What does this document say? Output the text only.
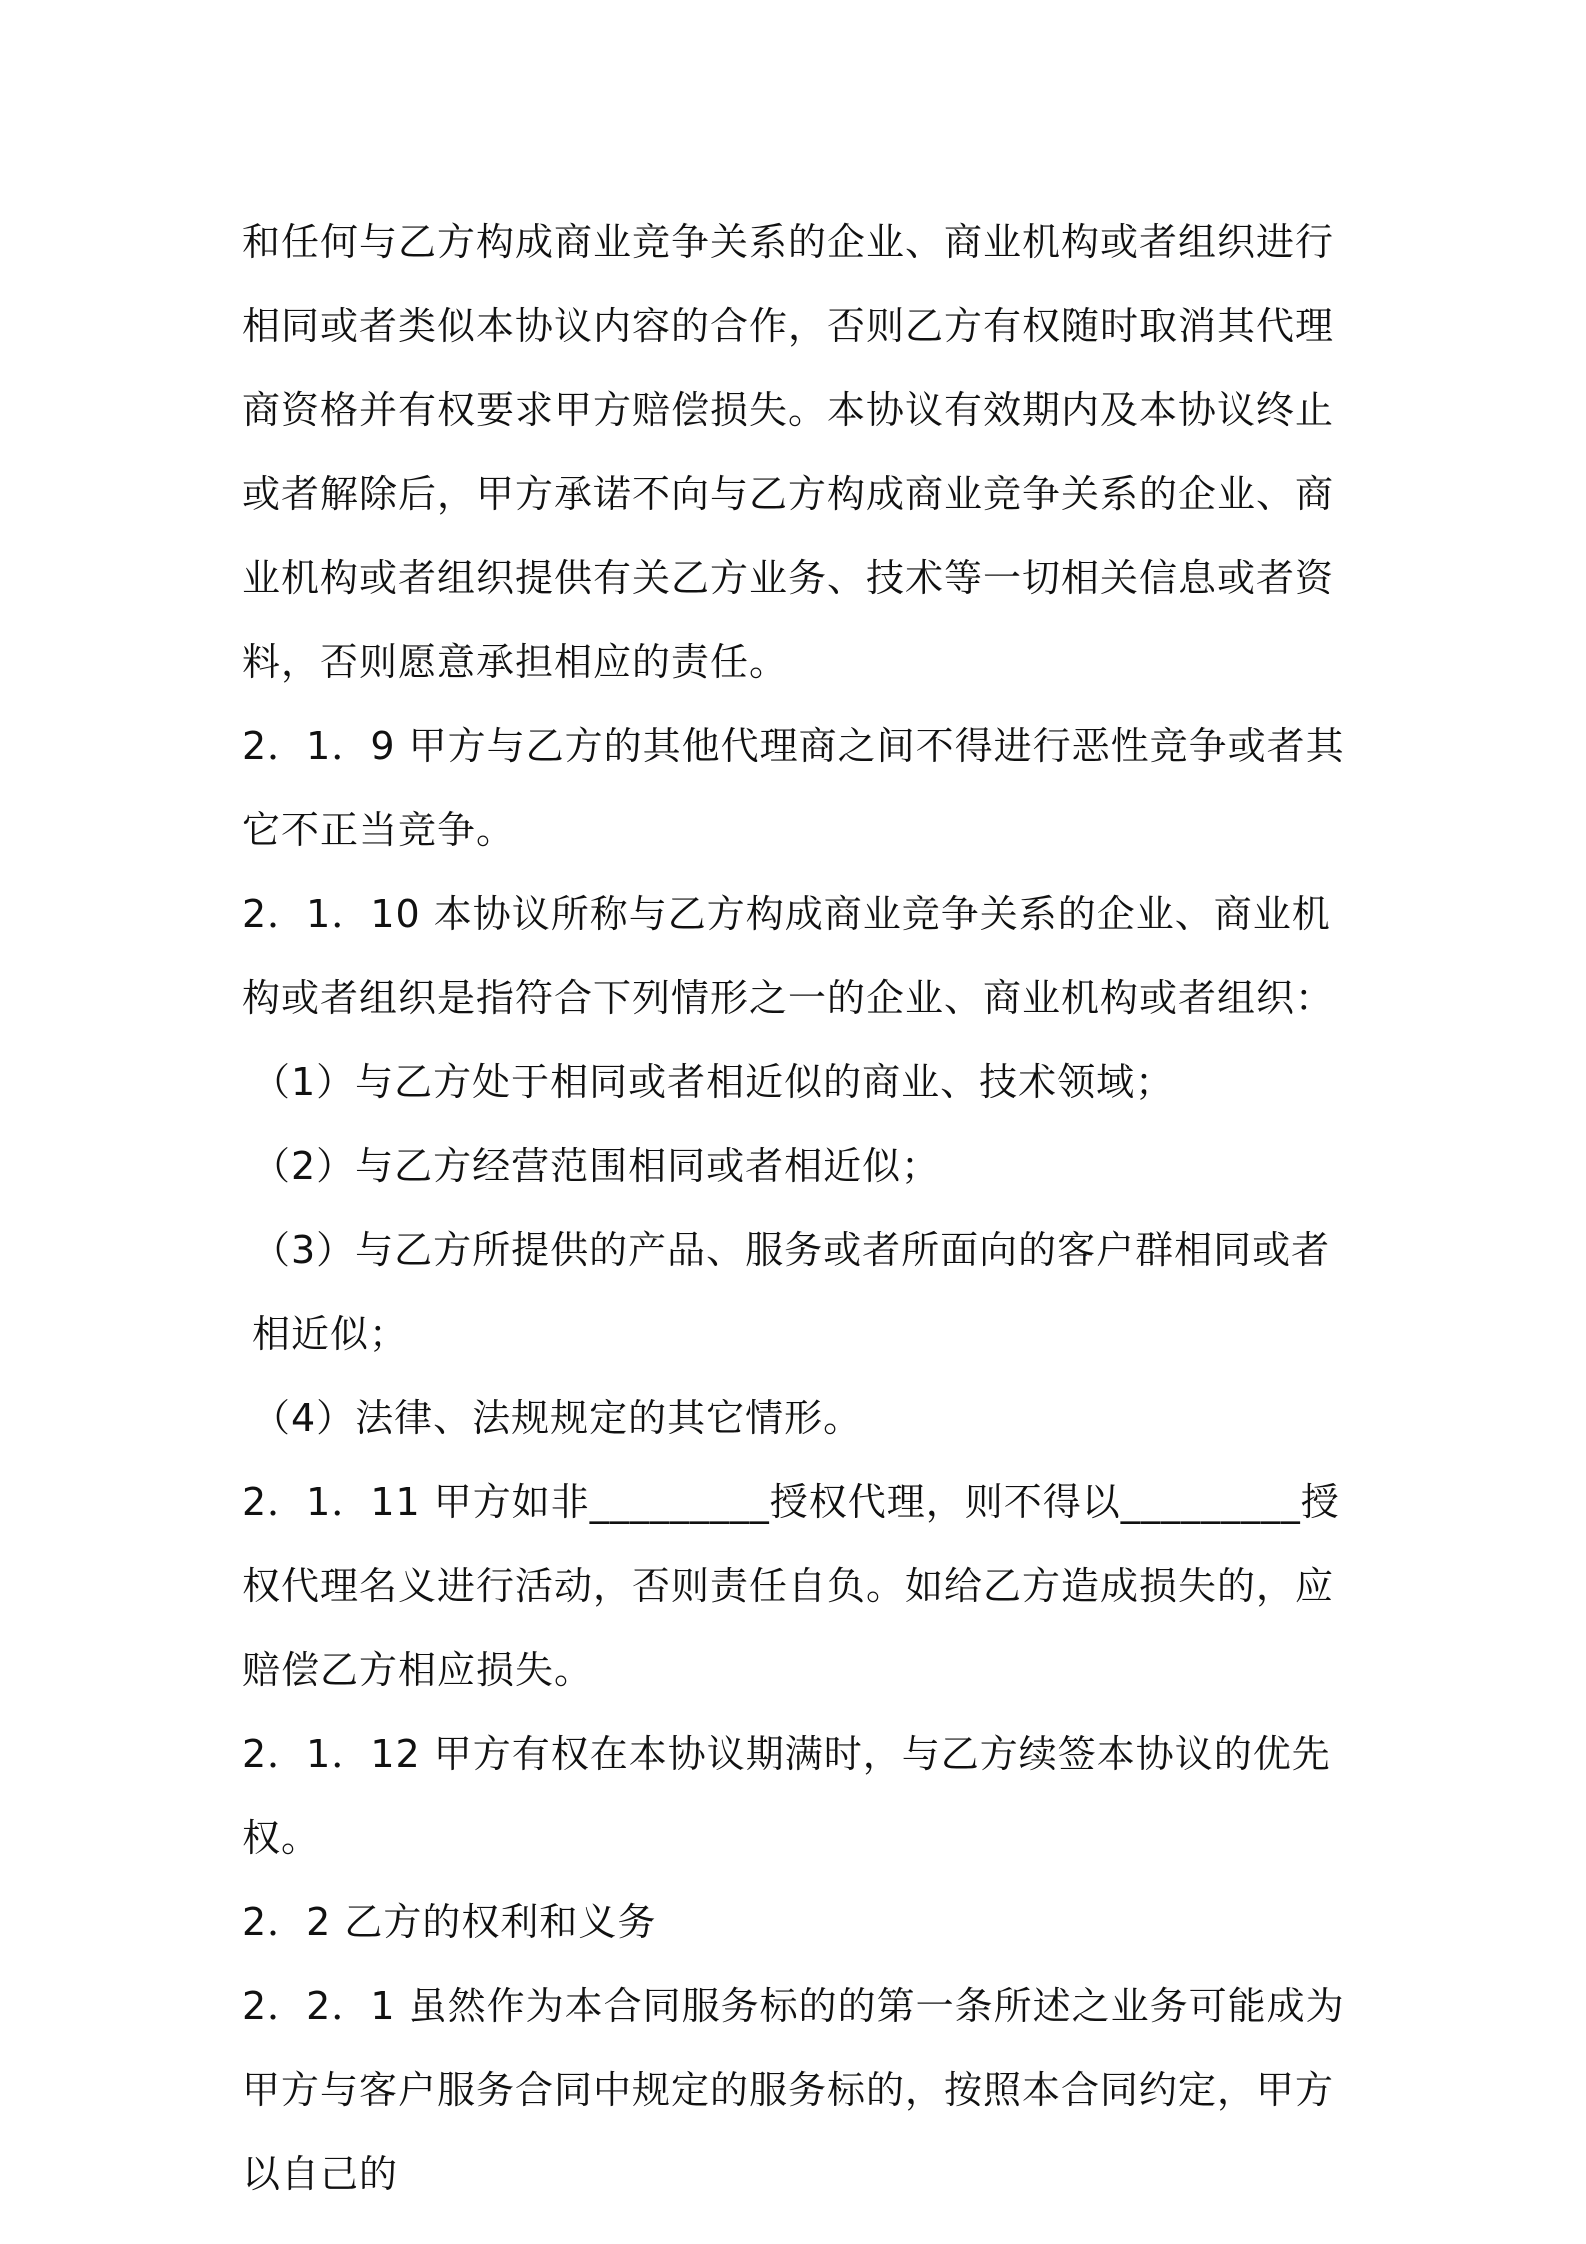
和任何与乙方构成商业竞争关系的企业、商业机构或者组织进行相同或者类似本协议内容的合作，否则乙方有权随时取消其代理商资格并有权要求甲方赔偿损失。本协议有效期内及本协议终止或者解除后，甲方承诺不向与乙方构成商业竞争关系的企业、商业机构或者组织提供有关乙方业务、技术等一切相关信息或者资料，否则愿意承担相应的责任。

2．1．9 甲方与乙方的其他代理商之间不得进行恶性竞争或者其它不正当竞争。

2．1．10 本协议所称与乙方构成商业竞争关系的企业、商业机构或者组织是指符合下列情形之一的企业、商业机构或者组织：

（1）与乙方处于相同或者相近似的商业、技术领域；

（2）与乙方经营范围相同或者相近似；

（3）与乙方所提供的产品、服务或者所面向的客户群相同或者相近似；

（4）法律、法规规定的其它情形。

2．1．11 甲方如非_________授权代理，则不得以_________授权代理名义进行活动，否则责任自负。如给乙方造成损失的，应赔偿乙方相应损失。

2．1．12 甲方有权在本协议期满时，与乙方续签本协议的优先权。

2．2 乙方的权利和义务

2．2．1 虽然作为本合同服务标的的第一条所述之业务可能成为甲方与客户服务合同中规定的服务标的，按照本合同约定，甲方以自己的
